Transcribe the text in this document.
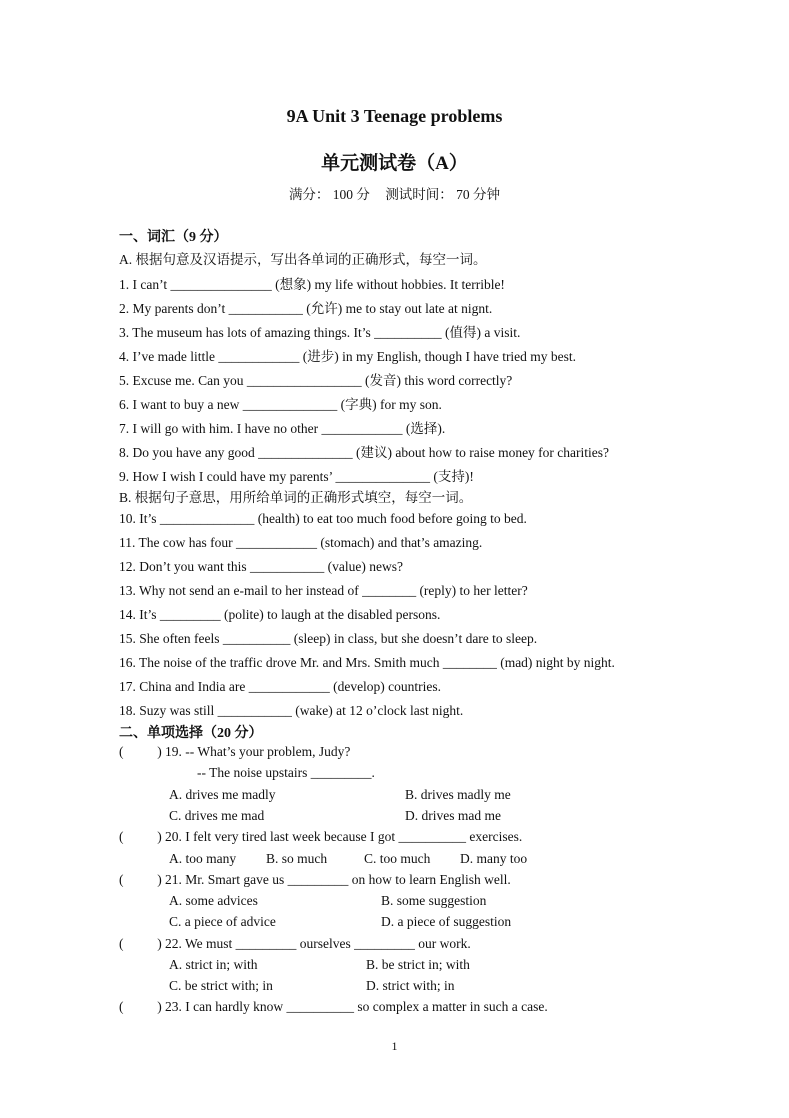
9A Unit 3 Teenage problems
单元测试卷（A）
满分： 100 分 测试时间： 70 分钟
一、词汇（9 分）
A. 根据句意及汉语提示，写出各单词的正确形式，每空一词。
1. I can’t _______________ (想象) my life without hobbies. It terrible!
2. My parents don’t ___________ (允许) me to stay out late at nignt.
3. The museum has lots of amazing things. It’s __________ (值得) a visit.
4. I’ve made little ____________ (进步) in my English, though I have tried my best.
5. Excuse me. Can you _________________ (发音) this word correctly?
6. I want to buy a new ______________ (字典) for my son.
7. I will go with him. I have no other ____________ (选择).
8. Do you have any good ______________ (建议) about how to raise money for charities?
9. How I wish I could have my parents’ ______________ (支持)!
B. 根据句子意思，用所给单词的正确形式填空，每空一词。
10. It’s ______________ (health) to eat too much food before going to bed.
11. The cow has four ____________ (stomach) and that’s amazing.
12. Don’t you want this ___________ (value) news?
13. Why not send an e-mail to her instead of ________ (reply) to her letter?
14. It’s _________ (polite) to laugh at the disabled persons.
15. She often feels __________ (sleep) in class, but she doesn’t dare to sleep.
16. The noise of the traffic drove Mr. and Mrs. Smith much ________ (mad) night by night.
17. China and India are ____________ (develop) countries.
18. Suzy was still ___________ (wake) at 12 o’clock last night.
二、单项选择（20 分）
(          ) 19. -- What’s your problem, Judy?
-- The noise upstairs _________.
A. drives me madly	B. drives madly me
C. drives me mad	D. drives mad me
(          ) 20. I felt very tired last week because I got __________ exercises.
A. too many B. so much	C. too much D. many too
(          ) 21. Mr. Smart gave us _________ on how to learn English well.
A. some advices	B. some suggestion
C. a piece of advice	D. a piece of suggestion
(          ) 22. We must _________ ourselves _________ our work.
A. strict in; with	B. be strict in; with
C. be strict with; in	D. strict with; in
(          ) 23. I can hardly know __________ so complex a matter in such a case.
1
